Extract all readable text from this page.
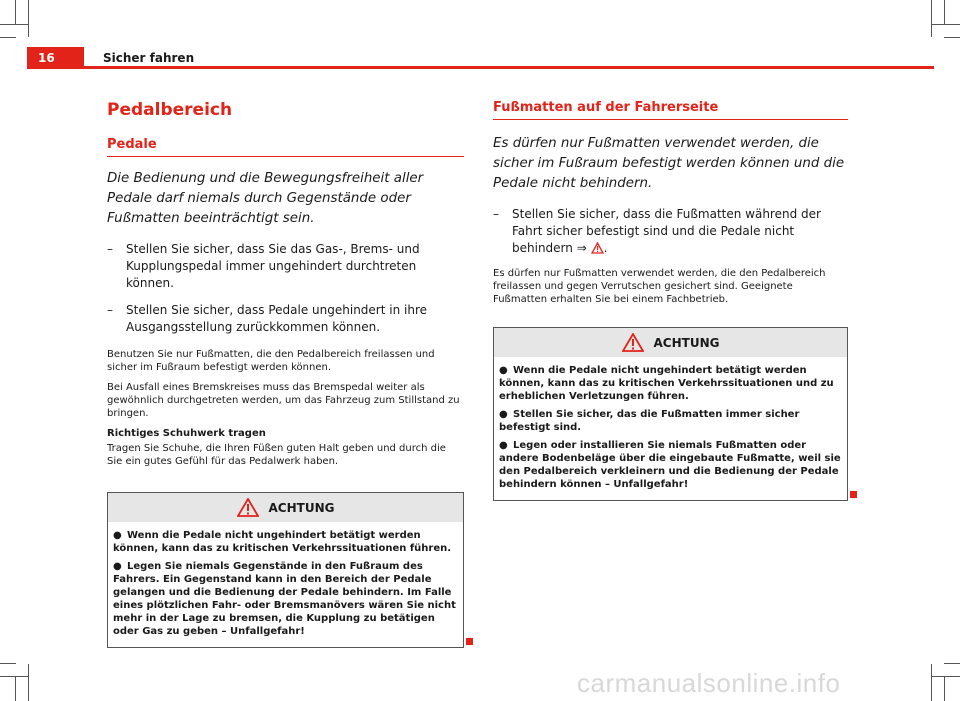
16	Sicher fahren
Pedalbereich
Pedale

Die Bedienung und die Bewegungsfreiheit aller Pedale darf niemals durch Gegenstände oder Fußmatten beeinträchtigt sein.

– Stellen Sie sicher, dass Sie das Gas-, Brems- und Kupplungspedal immer ungehindert durchtreten können.
– Stellen Sie sicher, dass Pedale ungehindert in ihre Ausgangsstellung zurückkommen können.

Benutzen Sie nur Fußmatten, die den Pedalbereich freilassen und sicher im Fußraum befestigt werden können.

Bei Ausfall eines Bremskreises muss das Bremspedal weiter als gewöhnlich durchgetreten werden, um das Fahrzeug zum Stillstand zu bringen.

Richtiges Schuhwerk tragen

Tragen Sie Schuhe, die Ihren Füßen guten Halt geben und durch die Sie ein gutes Gefühl für das Pedalwerk haben.

ACHTUNG

● Wenn die Pedale nicht ungehindert betätigt werden können, kann das zu kritischen Verkehrssituationen führen.

● Legen Sie niemals Gegenstände in den Fußraum des Fahrers. Ein Gegenstand kann in den Bereich der Pedale gelangen und die Bedienung der Pedale behindern. Im Falle eines plötzlichen Fahr- oder Bremsmanövers wären Sie nicht mehr in der Lage zu bremsen, die Kupplung zu betätigen oder Gas zu geben – Unfallgefahr!

Fußmatten auf der Fahrerseite

Es dürfen nur Fußmatten verwendet werden, die sicher im Fußraum befestigt werden können und die Pedale nicht behindern.

– Stellen Sie sicher, dass die Fußmatten während der Fahrt sicher befestigt sind und die Pedale nicht behindern ⇒ .

Es dürfen nur Fußmatten verwendet werden, die den Pedalbereich freilassen und gegen Verrutschen gesichert sind. Geeignete Fußmatten erhalten Sie bei einem Fachbetrieb.

ACHTUNG

● Wenn die Pedale nicht ungehindert betätigt werden können, kann das zu kritischen Verkehrssituationen und zu erheblichen Verletzungen führen.

● Stellen Sie sicher, das die Fußmatten immer sicher befestigt sind.

● Legen oder installieren Sie niemals Fußmatten oder andere Bodenbeläge über die eingebaute Fußmatte, weil sie den Pedalbereich verkleinern und die Bedienung der Pedale behindern können – Unfallgefahr!

carmanualsonline.info
